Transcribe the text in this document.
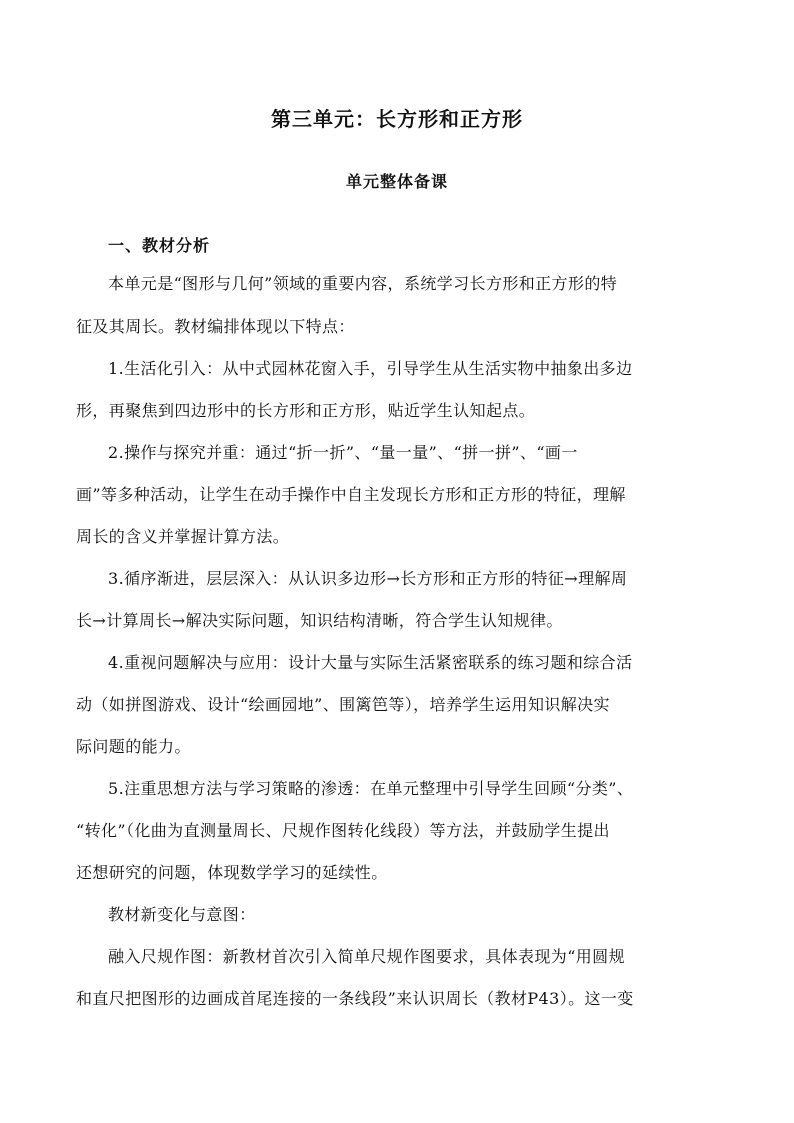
第三单元：长方形和正方形
单元整体备课
一、教材分析
本单元是“图形与几何”领域的重要内容，系统学习长方形和正方形的特
征及其周长。教材编排体现以下特点：
1.生活化引入：从中式园林花窗入手，引导学生从生活实物中抽象出多边
形，再聚焦到四边形中的长方形和正方形，贴近学生认知起点。
2.操作与探究并重：通过“折一折”、“量一量”、“拼一拼”、“画一
画”等多种活动，让学生在动手操作中自主发现长方形和正方形的特征，理解
周长的含义并掌握计算方法。
3.循序渐进，层层深入：从认识多边形→长方形和正方形的特征→理解周
长→计算周长→解决实际问题，知识结构清晰，符合学生认知规律。
4.重视问题解决与应用：设计大量与实际生活紧密联系的练习题和综合活
动（如拼图游戏、设计“绘画园地”、围篱笆等），培养学生运用知识解决实
际问题的能力。
5.注重思想方法与学习策略的渗透：在单元整理中引导学生回顾“分类”、
“转化”（化曲为直测量周长、尺规作图转化线段）等方法，并鼓励学生提出
还想研究的问题，体现数学学习的延续性。
教材新变化与意图：
融入尺规作图：新教材首次引入简单尺规作图要求，具体表现为“用圆规
和直尺把图形的边画成首尾连接的一条线段”来认识周长（教材P43）。这一变
